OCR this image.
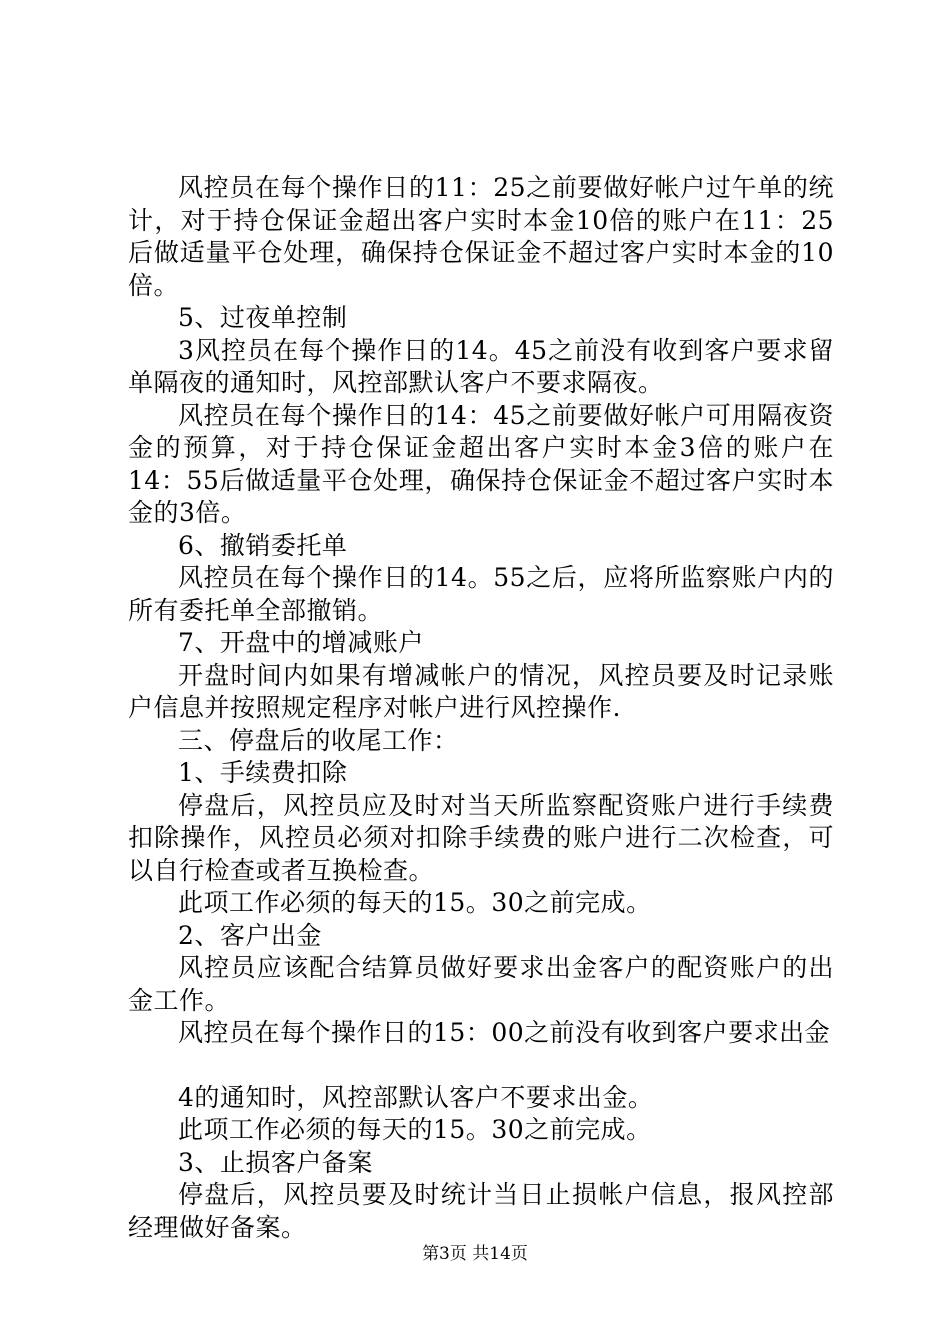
风控员在每个操作日的11：25之前要做好帐户过午单的统计，对于持仓保证金超出客户实时本金10倍的账户在11：25后做适量平仓处理，确保持仓保证金不超过客户实时本金的10倍。

5、过夜单控制

3风控员在每个操作日的14。45之前没有收到客户要求留单隔夜的通知时，风控部默认客户不要求隔夜。

风控员在每个操作日的14：45之前要做好帐户可用隔夜资金的预算，对于持仓保证金超出客户实时本金3倍的账户在14：55后做适量平仓处理，确保持仓保证金不超过客户实时本金的3倍。

6、撤销委托单

风控员在每个操作日的14。55之后，应将所监察账户内的所有委托单全部撤销。

7、开盘中的增减账户

开盘时间内如果有增减帐户的情况，风控员要及时记录账户信息并按照规定程序对帐户进行风控操作.

三、停盘后的收尾工作：

1、手续费扣除

停盘后，风控员应及时对当天所监察配资账户进行手续费扣除操作，风控员必须对扣除手续费的账户进行二次检查，可以自行检查或者互换检查。

此项工作必须的每天的15。30之前完成。

2、客户出金

风控员应该配合结算员做好要求出金客户的配资账户的出金工作。

风控员在每个操作日的15：00之前没有收到客户要求出金

4的通知时，风控部默认客户不要求出金。

此项工作必须的每天的15。30之前完成。

3、止损客户备案

停盘后，风控员要及时统计当日止损帐户信息，报风控部经理做好备案。

第3页 共14页
